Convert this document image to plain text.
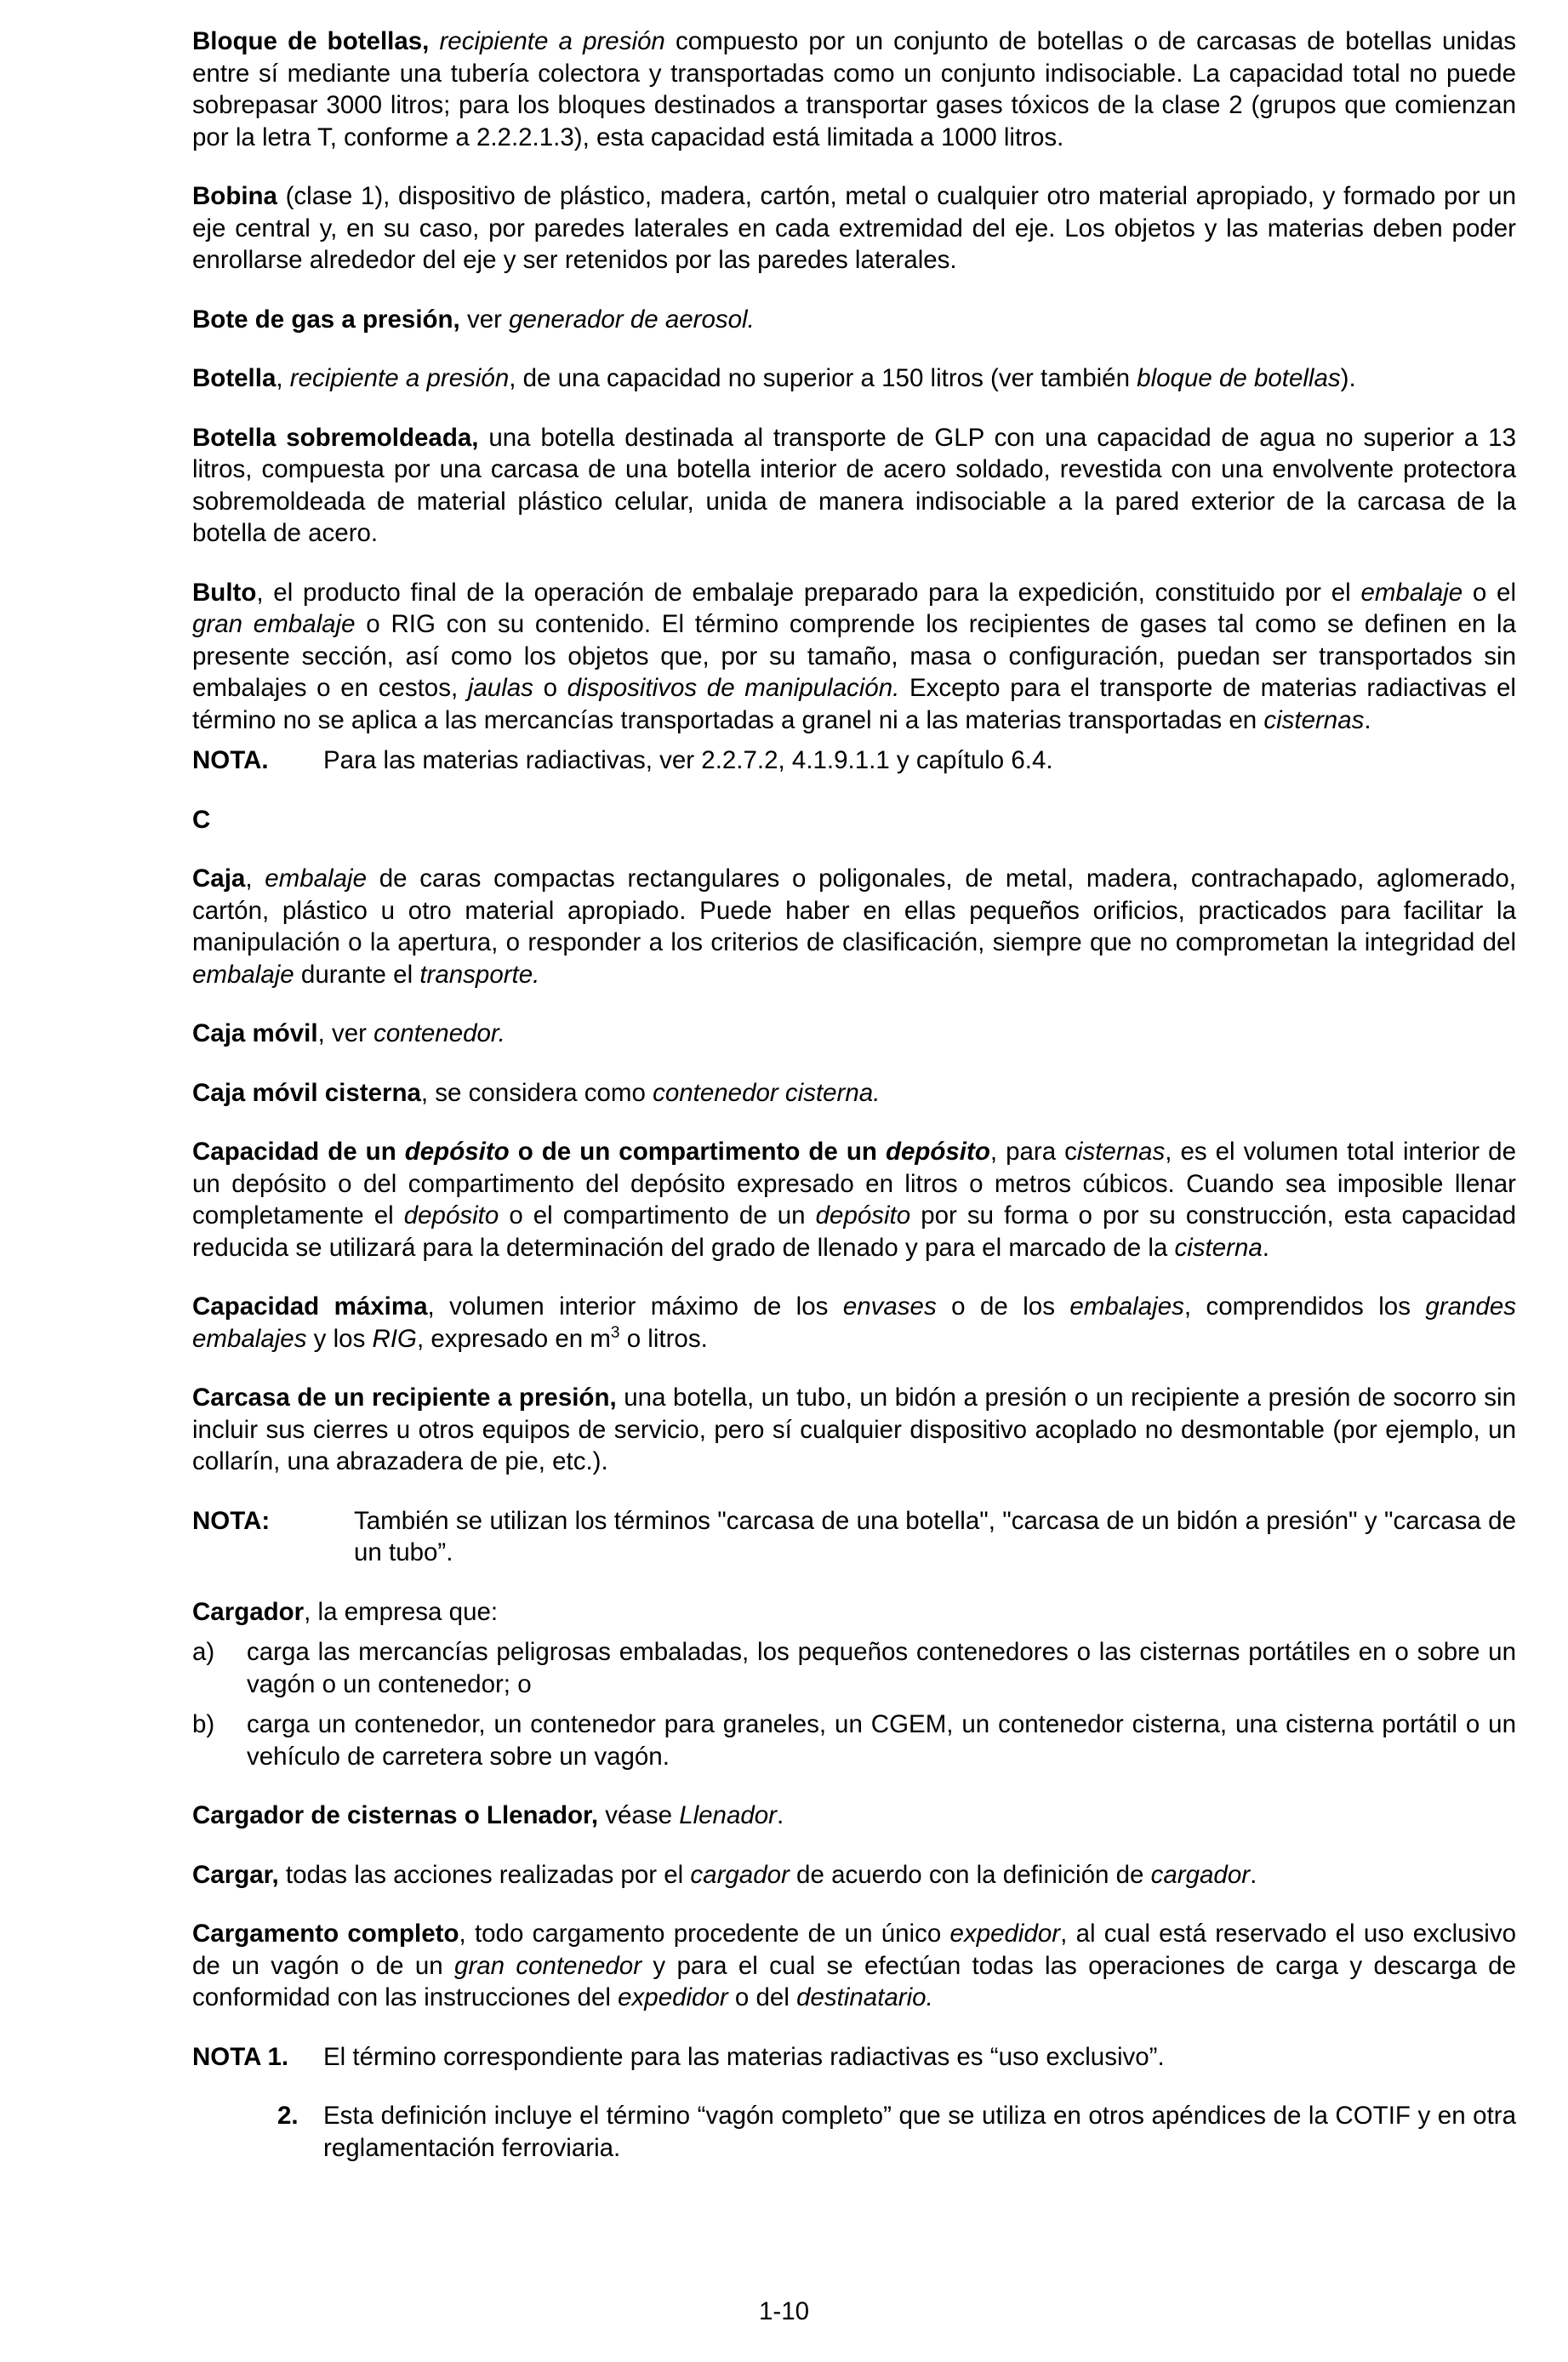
Bloque de botellas, recipiente a presión compuesto por un conjunto de botellas o de carcasas de botellas unidas entre sí mediante una tubería colectora y transportadas como un conjunto indisociable. La capacidad total no puede sobrepasar 3000 litros; para los bloques destinados a transportar gases tóxicos de la clase 2 (grupos que comienzan por la letra T, conforme a 2.2.2.1.3), esta capacidad está limitada a 1000 litros.

Bobina (clase 1), dispositivo de plástico, madera, cartón, metal o cualquier otro material apropiado, y formado por un eje central y, en su caso, por paredes laterales en cada extremidad del eje. Los objetos y las materias deben poder enrollarse alrededor del eje y ser retenidos por las paredes laterales.

Bote de gas a presión, ver generador de aerosol.

Botella, recipiente a presión, de una capacidad no superior a 150 litros (ver también bloque de botellas).

Botella sobremoldeada, una botella destinada al transporte de GLP con una capacidad de agua no superior a 13 litros, compuesta por una carcasa de una botella interior de acero soldado, revestida con una envolvente protectora sobremoldeada de material plástico celular, unida de manera indisociable a la pared exterior de la carcasa de la botella de acero.

Bulto, el producto final de la operación de embalaje preparado para la expedición, constituido por el embalaje o el gran embalaje o RIG con su contenido. El término comprende los recipientes de gases tal como se definen en la presente sección, así como los objetos que, por su tamaño, masa o configuración, puedan ser transportados sin embalajes o en cestos, jaulas o dispositivos de manipulación. Excepto para el transporte de materias radiactivas el término no se aplica a las mercancías transportadas a granel ni a las materias transportadas en cisternas.

NOTA.	Para las materias radiactivas, ver 2.2.7.2, 4.1.9.1.1 y capítulo 6.4.
C

Caja, embalaje de caras compactas rectangulares o poligonales, de metal, madera, contrachapado, aglomerado, cartón, plástico u otro material apropiado. Puede haber en ellas pequeños orificios, practicados para facilitar la manipulación o la apertura, o responder a los criterios de clasificación, siempre que no comprometan la integridad del embalaje durante el transporte.

Caja móvil, ver contenedor.

Caja móvil cisterna, se considera como contenedor cisterna.

Capacidad de un depósito o de un compartimento de un depósito, para cisternas, es el volumen total interior de un depósito o del compartimento del depósito expresado en litros o metros cúbicos. Cuando sea imposible llenar completamente el depósito o el compartimento de un depósito por su forma o por su construcción, esta capacidad reducida se utilizará para la determinación del grado de llenado y para el marcado de la cisterna.

Capacidad máxima, volumen interior máximo de los envases o de los embalajes, comprendidos los grandes embalajes y los RIG, expresado en $m^3$ o litros.

Carcasa de un recipiente a presión, una botella, un tubo, un bidón a presión o un recipiente a presión de socorro sin incluir sus cierres u otros equipos de servicio, pero sí cualquier dispositivo acoplado no desmontable (por ejemplo, un collarín, una abrazadera de pie, etc.).

NOTA:	También se utilizan los términos "carcasa de una botella", "carcasa de un bidón a presión" y "carcasa de un tubo”.

Cargador, la empresa que:

a)	carga las mercancías peligrosas embaladas, los pequeños contenedores o las cisternas portátiles en o sobre un vagón o un contenedor; o
b)	carga un contenedor, un contenedor para graneles, un CGEM, un contenedor cisterna, una cisterna portátil o un vehículo de carretera sobre un vagón.

Cargador de cisternas o Llenador, véase Llenador.

Cargar, todas las acciones realizadas por el cargador de acuerdo con la definición de cargador.

Cargamento completo, todo cargamento procedente de un único expedidor, al cual está reservado el uso exclusivo de un vagón o de un gran contenedor y para el cual se efectúan todas las operaciones de carga y descarga de conformidad con las instrucciones del expedidor o del destinatario.

NOTA 1.	El término correspondiente para las materias radiactivas es “uso exclusivo”.
2. Esta definición incluye el término “vagón completo” que se utiliza en otros apéndices de la COTIF y en otra reglamentación ferroviaria.
1-10
